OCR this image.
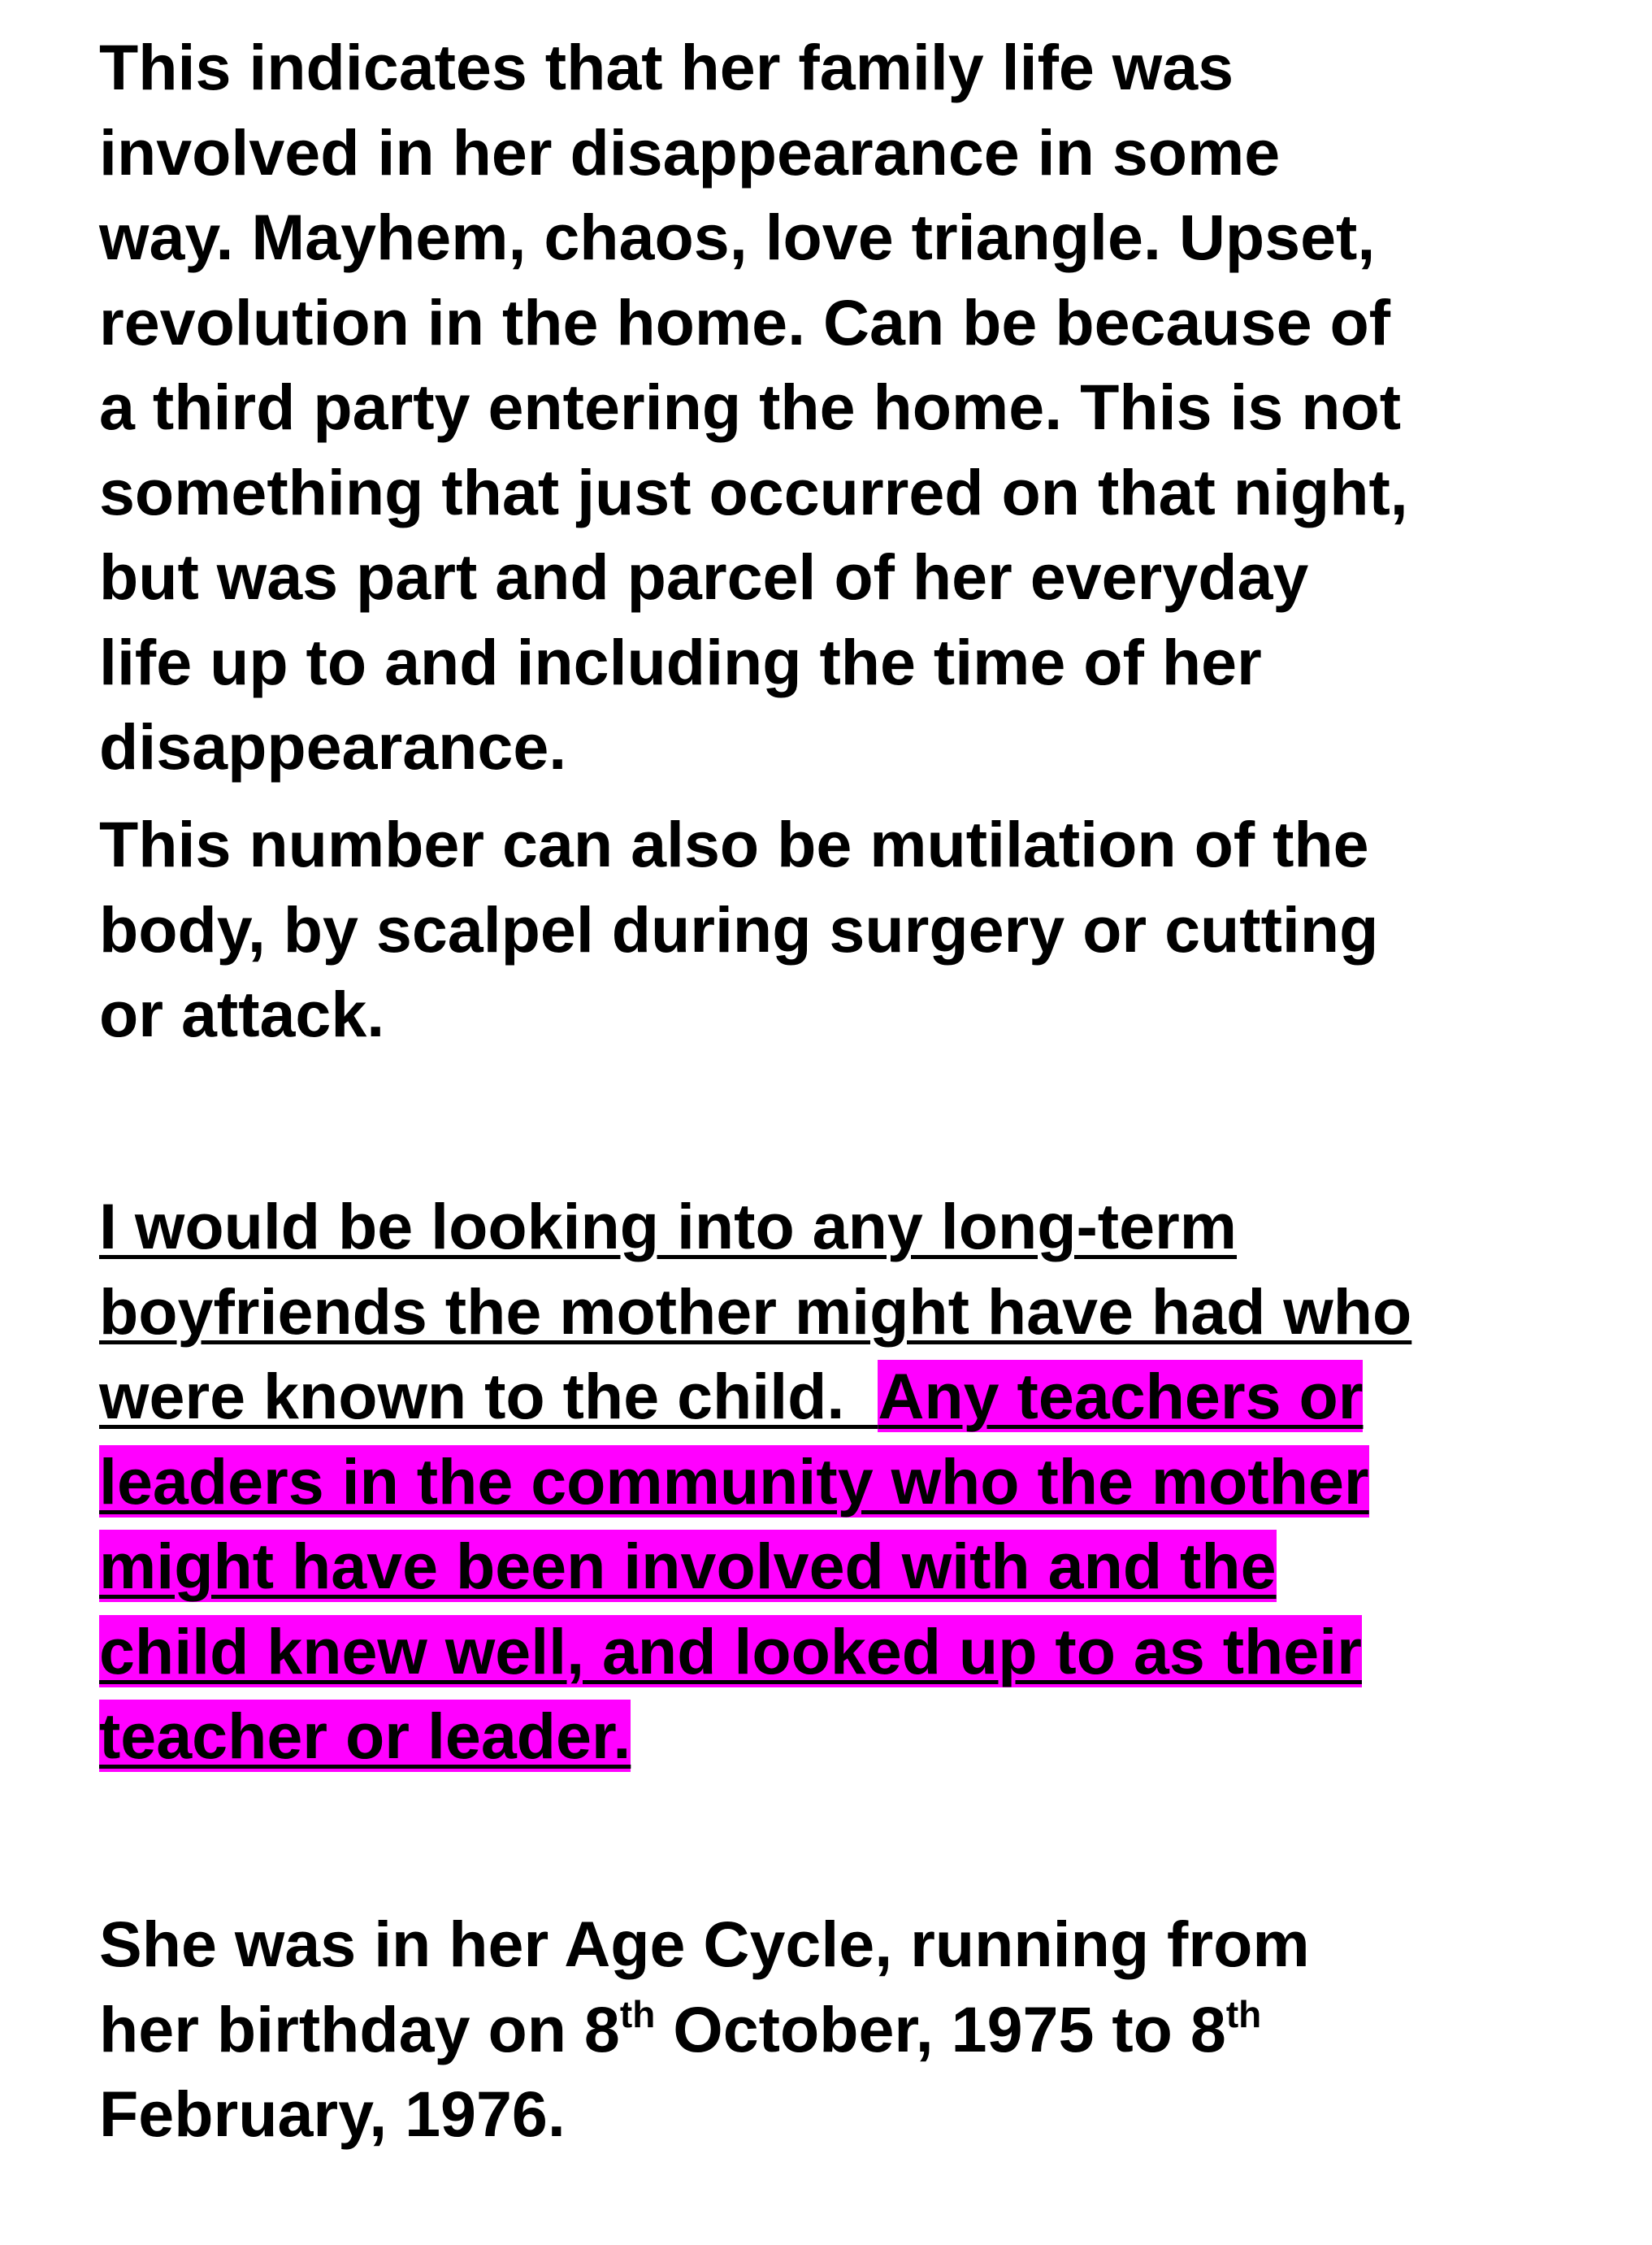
This indicates that her family life was
involved in her disappearance in some
way. Mayhem, chaos, love triangle. Upset,
revolution in the home. Can be because of
a third party entering the home. This is not
something that just occurred on that night,
but was part and parcel of her everyday
life up to and including the time of her
disappearance.
This number can also be mutilation of the
body, by scalpel during surgery or cutting
or attack.
I would be looking into any long-term
boyfriends the mother might have had who
were known to the child.  Any teachers or
leaders in the community who the mother
might have been involved with and the
child knew well, and looked up to as their
teacher or leader.
She was in her Age Cycle, running from
her birthday on 8th October, 1975 to 8th
February, 1976.
